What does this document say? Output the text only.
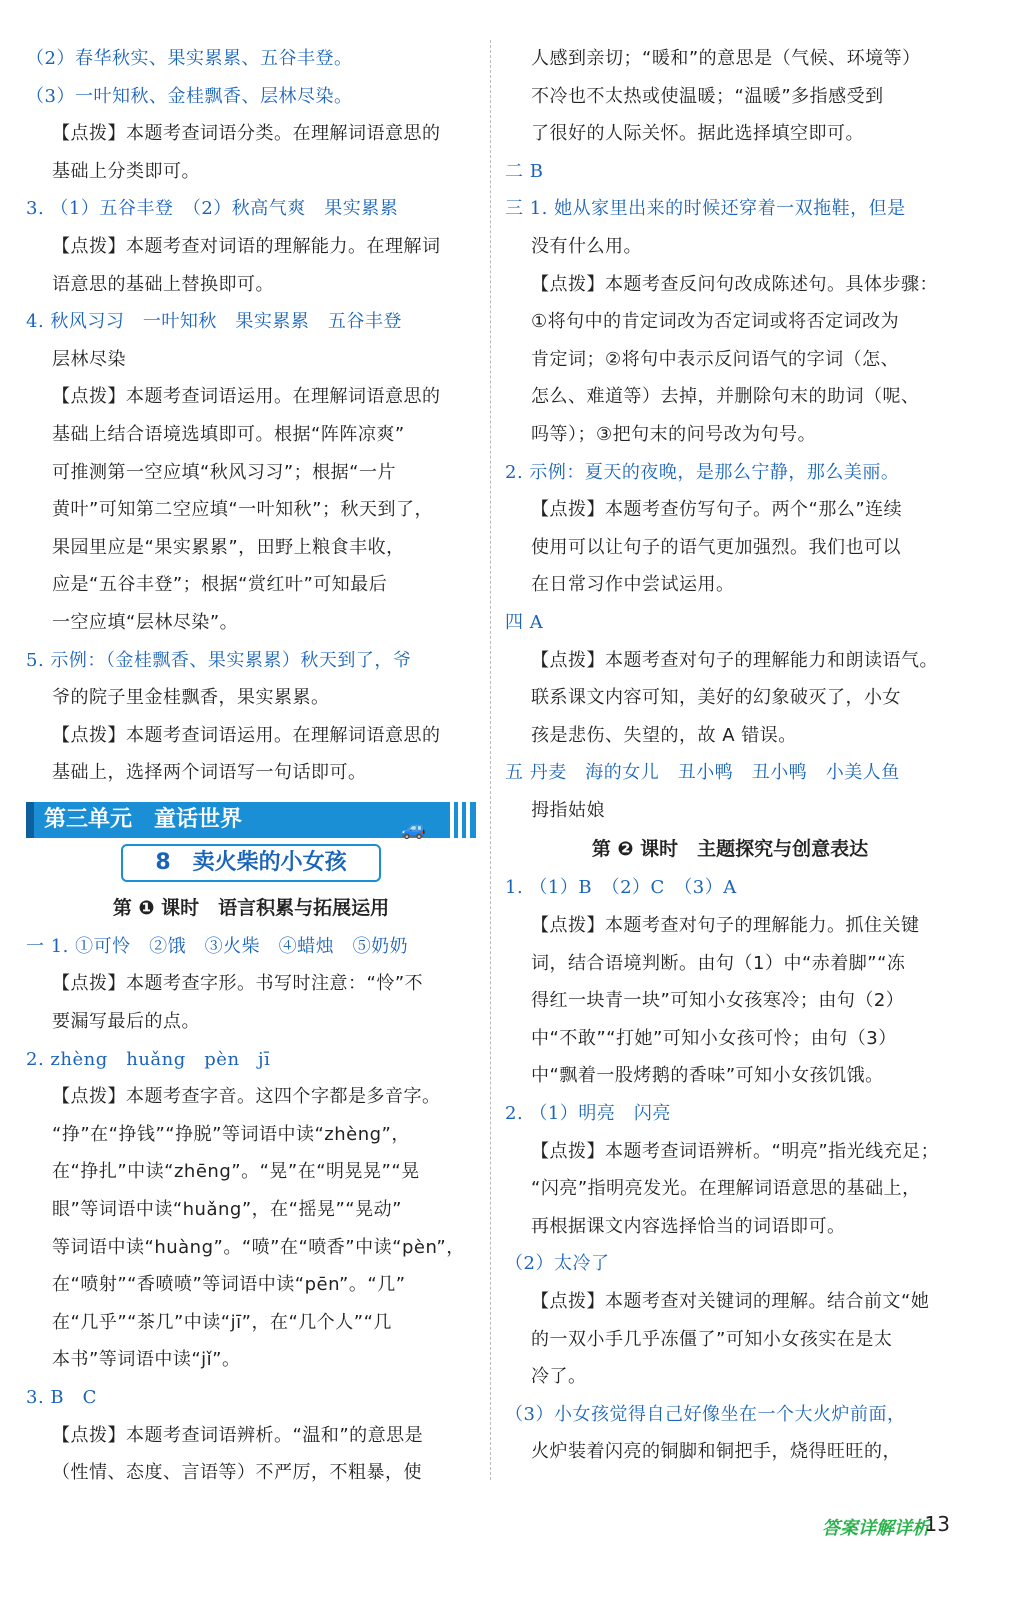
（2）春华秋实、果实累累、五谷丰登。
（3）一叶知秋、金桂飘香、层林尽染。
【点拨】本题考查词语分类。在理解词语意思的
基础上分类即可。
3. （1）五谷丰登　（2）秋高气爽　果实累累
【点拨】本题考查对词语的理解能力。在理解词
语意思的基础上替换即可。
4. 秋风习习　一叶知秋　果实累累　五谷丰登
层林尽染
【点拨】本题考查词语运用。在理解词语意思的
基础上结合语境选填即可。根据“阵阵凉爽”
可推测第一空应填“秋风习习”；根据“一片
黄叶”可知第二空应填“一叶知秋”；秋天到了，
果园里应是“果实累累”，田野上粮食丰收，
应是“五谷丰登”；根据“赏红叶”可知最后
一空应填“层林尽染”。
5. 示例：（金桂飘香、果实累累）秋天到了，爷
爷的院子里金桂飘香，果实累累。
【点拨】本题考查词语运用。在理解词语意思的
基础上，选择两个词语写一句话即可。
第三单元　童话世界	🚙
8　卖火柴的小女孩
第 ❶ 课时　语言积累与拓展运用
一 1. ①可怜　②饿　③火柴　④蜡烛　⑤奶奶
【点拨】本题考查字形。书写时注意：“怜”不
要漏写最后的点。
2. zhèng　huǎng　pèn　jī
【点拨】本题考查字音。这四个字都是多音字。
“挣”在“挣钱”“挣脱”等词语中读“zhèng”，
在“挣扎”中读“zhēng”。“晃”在“明晃晃”“晃
眼”等词语中读“huǎng”，在“摇晃”“晃动”
等词语中读“huàng”。“喷”在“喷香”中读“pèn”，
在“喷射”“香喷喷”等词语中读“pēn”。“几”
在“几乎”“茶几”中读“jī”，在“几个人”“几
本书”等词语中读“jǐ”。
3. B　C
【点拨】本题考查词语辨析。“温和”的意思是
（性情、态度、言语等）不严厉，不粗暴，使
人感到亲切；“暖和”的意思是（气候、环境等）
不冷也不太热或使温暖；“温暖”多指感受到
了很好的人际关怀。据此选择填空即可。
二 B
三 1. 她从家里出来的时候还穿着一双拖鞋，但是
没有什么用。
【点拨】本题考查反问句改成陈述句。具体步骤：
①将句中的肯定词改为否定词或将否定词改为
肯定词；②将句中表示反问语气的字词（怎、
怎么、难道等）去掉，并删除句末的助词（呢、
吗等）；③把句末的问号改为句号。
2. 示例：夏天的夜晚，是那么宁静，那么美丽。
【点拨】本题考查仿写句子。两个“那么”连续
使用可以让句子的语气更加强烈。我们也可以
在日常习作中尝试运用。
四 A
【点拨】本题考查对句子的理解能力和朗读语气。
联系课文内容可知，美好的幻象破灭了，小女
孩是悲伤、失望的，故 A 错误。
五 丹麦　海的女儿　丑小鸭　丑小鸭　小美人鱼
拇指姑娘
第 ❷ 课时　主题探究与创意表达
1. （1）B　（2）C　（3）A
【点拨】本题考查对句子的理解能力。抓住关键
词，结合语境判断。由句（1）中“赤着脚”“冻
得红一块青一块”可知小女孩寒冷；由句（2）
中“不敢”“打她”可知小女孩可怜；由句（3）
中“飘着一股烤鹅的香味”可知小女孩饥饿。
2. （1）明亮　闪亮
【点拨】本题考查词语辨析。“明亮”指光线充足；
“闪亮”指明亮发光。在理解词语意思的基础上，
再根据课文内容选择恰当的词语即可。
（2）太冷了
【点拨】本题考查对关键词的理解。结合前文“她
的一双小手几乎冻僵了”可知小女孩实在是太
冷了。
（3）小女孩觉得自己好像坐在一个大火炉前面，
火炉装着闪亮的铜脚和铜把手，烧得旺旺的，
答案详解详析
13
